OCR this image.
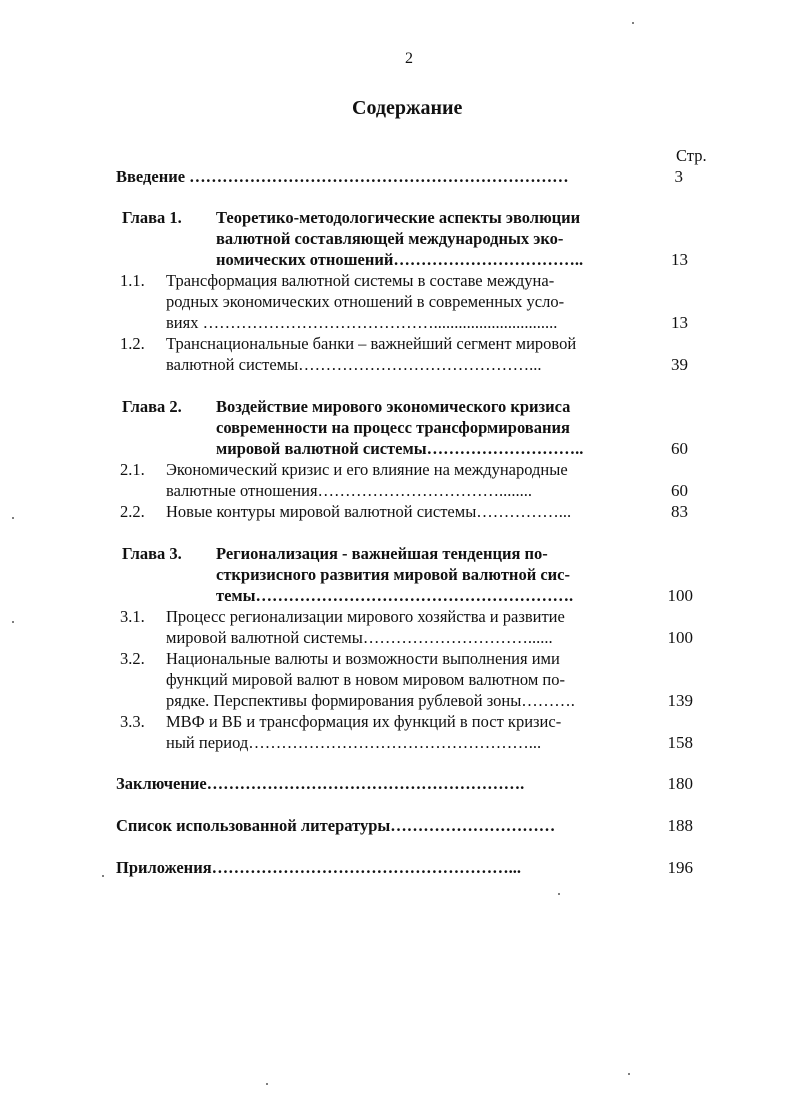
2
Содержание
Стр.
Введение ……………………………………………………………	3
Глава 1. Теоретико-методологические аспекты эволюции
валютной составляющей международных эко-
номических отношений……………………………..	13
1.1. Трансформация валютной системы в составе междуна-
родных экономических отношений в современных усло-
виях ……………………………………..............................	13
1.2. Транснациональные банки – важнейший сегмент мировой
валютной системы……………………………………...	39
Глава 2. Воздействие мирового экономического кризиса
современности на процесс трансформирования
мировой валютной системы………………………..	60
2.1. Экономический кризис и его влияние на международные
валютные отношения……………………………........	60
2.2. Новые контуры мировой валютной системы……………...	83
Глава 3. Регионализация - важнейшая тенденция по-
сткризисного развития мировой валютной сис-
темы………………………………………………….	100
3.1. Процесс регионализации мирового хозяйства и развитие
мировой валютной системы…………………………......	100
3.2. Национальные валюты и возможности выполнения ими
функций мировой валют в новом мировом валютном по-
рядке. Перспективы формирования рублевой зоны……….	139
3.3. МВФ и ВБ и трансформация их функций в пост кризис-
ный период……………………………………………...	158
Заключение………………………………………………….	180
Список использованной литературы…………………………	188
Приложения………………………………………………...	196
